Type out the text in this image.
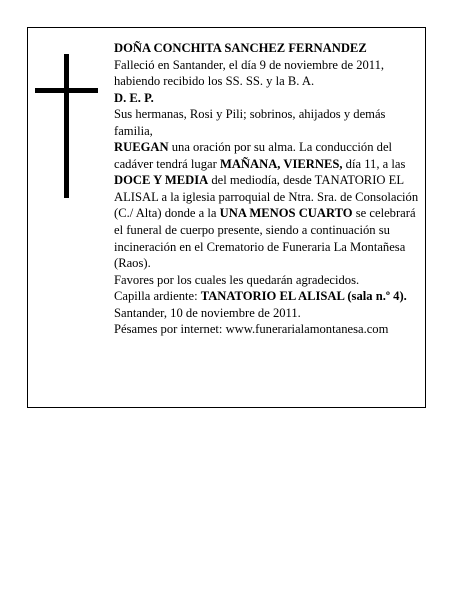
DOÑA CONCHITA SANCHEZ FERNANDEZ

Falleció en Santander, el día 9 de noviembre de 2011,
habiendo recibido los SS. SS. y la B. A.

D. E. P.

Sus hermanas, Rosi y Pili; sobrinos, ahijados y demás familia,

RUEGAN una oración por su alma. La conducción del cadáver tendrá lugar MAÑANA, VIERNES, día 11, a las DOCE Y MEDIA del mediodía, desde TANATORIO EL ALISAL a la iglesia parroquial de Ntra. Sra. de Consolación (C./ Alta) donde a la UNA MENOS CUARTO se celebrará el funeral de cuerpo presente, siendo a continuación su incineración en el Crematorio de Funeraria La Montañesa (Raos).

Favores por los cuales les quedarán agradecidos.

Capilla ardiente: TANATORIO EL ALISAL (sala n.º 4).

Santander, 10 de noviembre de 2011.

Pésames por internet: www.funerarialamontanesa.com
